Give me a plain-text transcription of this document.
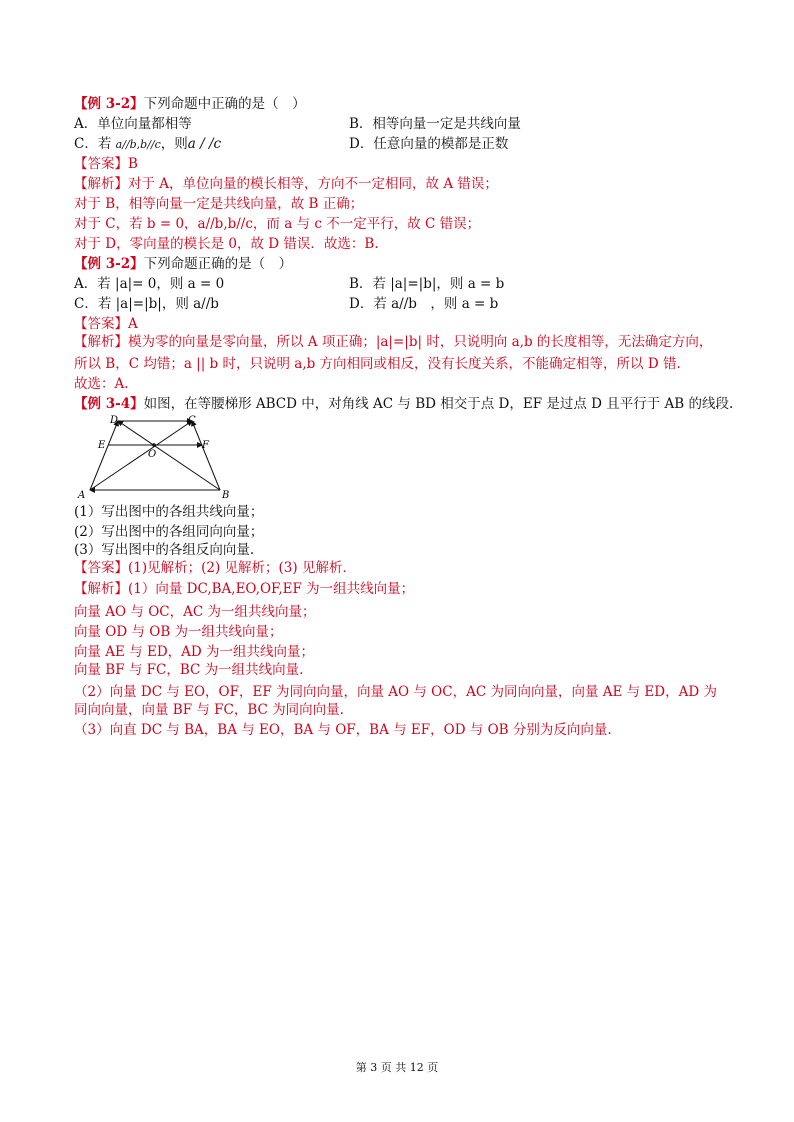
【例 3-2】下列命题中正确的是（　）
A．单位向量都相等	B．相等向量一定是共线向量
C．若 a//b,b//c，则a / /c	D．任意向量的模都是正数
【答案】B
【解析】对于 A，单位向量的模长相等，方向不一定相同，故 A 错误；
对于 B，相等向量一定是共线向量，故 B 正确；
对于 C，若 b = 0，a//b,b//c，而 a 与 c 不一定平行，故 C 错误；
对于 D，零向量的模长是 0，故 D 错误．故选：B.
【例 3-2】下列命题正确的是（　）
A．若 |a|= 0，则 a = 0	B．若 |a|=|b|，则 a = b
C．若 |a|=|b|，则 a//b	D．若 a//b　，则 a = b
【答案】A
【解析】模为零的向量是零向量，所以 A 项正确；|a|=|b| 时，只说明向 a,b 的长度相等，无法确定方向，
所以 B，C 均错；a || b 时，只说明 a,b 方向相同或相反，没有长度关系，不能确定相等，所以 D 错.
故选：A.
【例 3-4】如图，在等腰梯形 ABCD 中，对角线 AC 与 BD 相交于点 D，EF 是过点 D 且平行于 AB 的线段.
D	C
E	F
O
A	B
(1）写出图中的各组共线向量；
(2）写出图中的各组同向向量；
(3）写出图中的各组反向向量.
【答案】(1)见解析；(2) 见解析；(3) 见解析．
【解析】(1）向量 DC,BA,EO,OF,EF 为一组共线向量；
向量 AO 与 OC，AC 为一组共线向量；
向量 OD 与 OB 为一组共线向量；
向量 AE 与 ED，AD 为一组共线向量；
向量 BF 与 FC，BC 为一组共线向量.
（2）向量 DC 与 EO，OF，EF 为同向向量，向量 AO 与 OC，AC 为同向向量，向量 AE 与 ED，AD 为
同向向量，向量 BF 与 FC，BC 为同向向量.
（3）向直 DC 与 BA，BA 与 EO，BA 与 OF，BA 与 EF，OD 与 OB 分别为反向向量.
第 3 页 共 12 页
